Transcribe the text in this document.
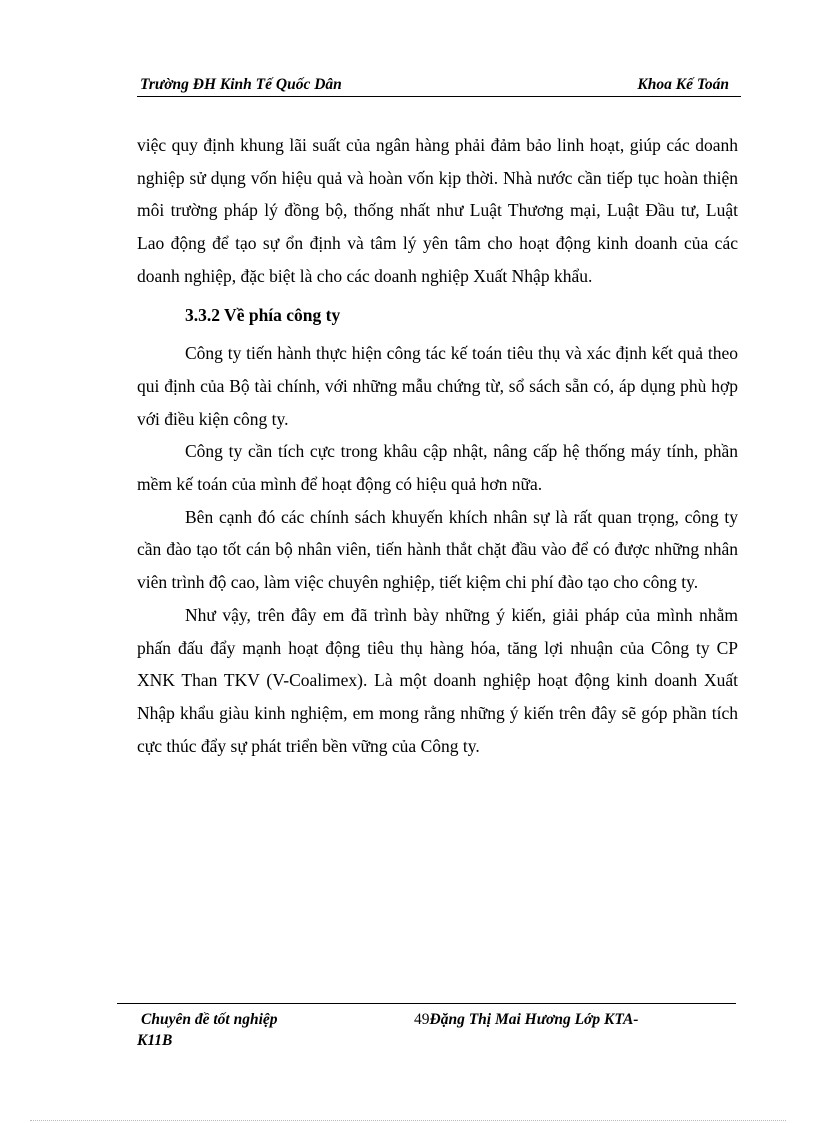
Trường ĐH Kinh Tế Quốc Dân	Khoa Kế Toán

việc quy định khung lãi suất của ngân hàng phải đảm bảo linh hoạt, giúp các doanh nghiệp sử dụng vốn hiệu quả và hoàn vốn kịp thời. Nhà nước cần tiếp tục hoàn thiện môi trường pháp lý đồng bộ, thống nhất như Luật Thương mại, Luật Đầu tư, Luật Lao động để tạo sự ổn định và tâm lý yên tâm cho hoạt động kinh doanh của các doanh nghiệp, đặc biệt là cho các doanh nghiệp Xuất Nhập khẩu.

3.3.2 Về phía công ty

Công ty tiến hành thực hiện công tác kế toán tiêu thụ và xác định kết quả theo qui định của Bộ tài chính, với những mẫu chứng từ, sổ sách sẵn có, áp dụng phù hợp với điều kiện công ty.

Công ty cần tích cực trong khâu cập nhật, nâng cấp hệ thống máy tính, phần mềm kế toán của mình để hoạt động có hiệu quả hơn nữa.

Bên cạnh đó các chính sách khuyến khích nhân sự là rất quan trọng, công ty cần đào tạo tốt cán bộ nhân viên, tiến hành thắt chặt đầu vào để có được những nhân viên trình độ cao, làm việc chuyên nghiệp, tiết kiệm chi phí đào tạo cho công ty.

Như vậy, trên đây em đã trình bày những ý kiến, giải pháp của mình nhằm phấn đấu đẩy mạnh hoạt động tiêu thụ hàng hóa, tăng lợi nhuận của Công ty CP XNK Than TKV (V-Coalimex). Là một doanh nghiệp hoạt động kinh doanh Xuất Nhập khẩu giàu kinh nghiệm, em mong rằng những ý kiến trên đây sẽ góp phần tích cực thúc đẩy sự phát triển bền vững của Công ty.

Chuyên đề tốt nghiệp	49Đặng Thị Mai Hương Lớp KTA-
K11B
